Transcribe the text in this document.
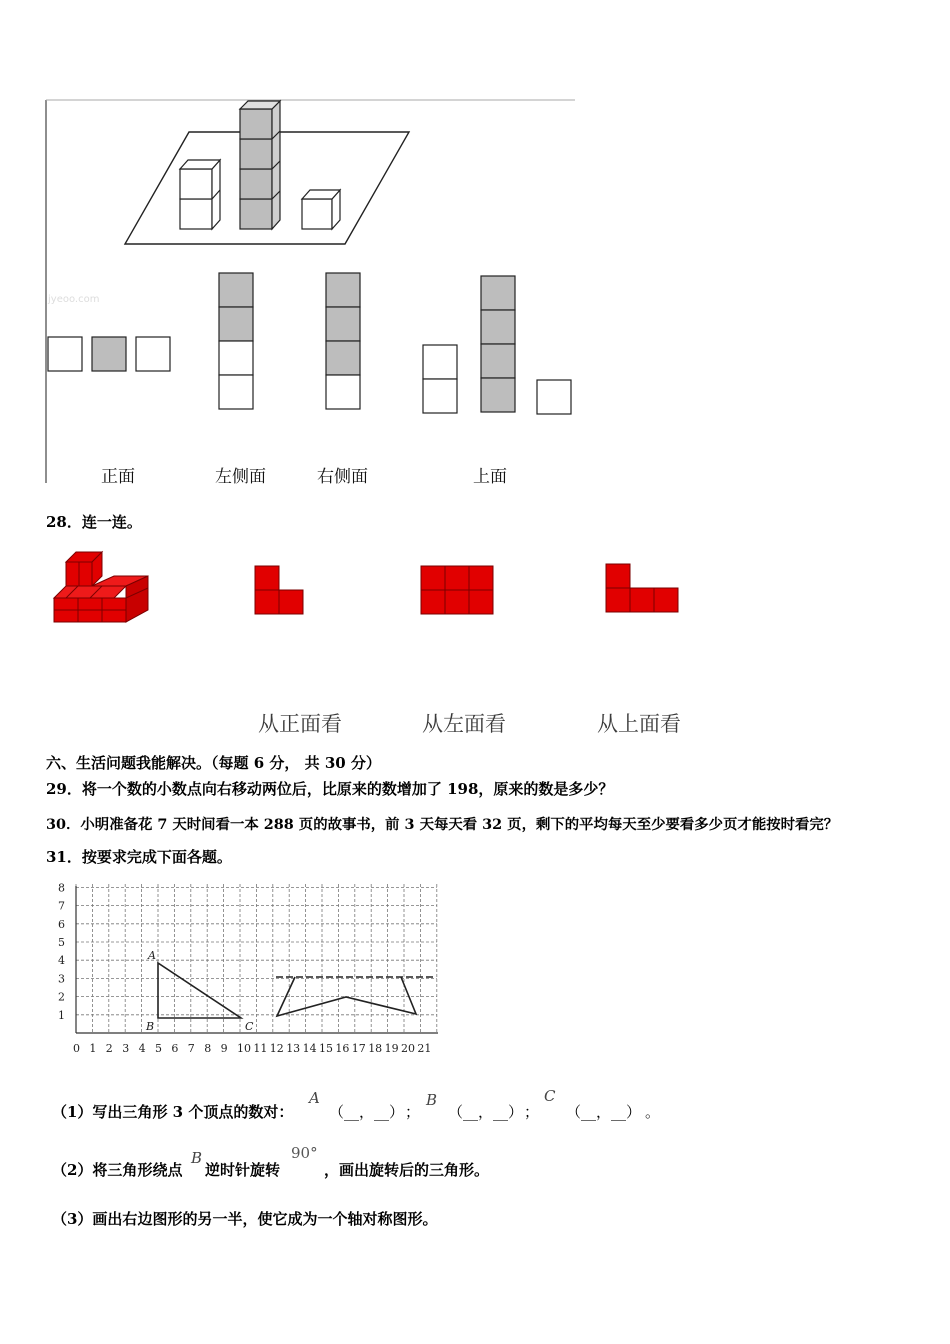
jyeoo.com
正面	左侧面	右侧面	上面
28．连一连。
从正面看	从左面看	从上面看
六、生活问题我能解决。（每题 6 分， 共 30 分）
29．将一个数的小数点向右移动两位后，比原来的数增加了 198，原来的数是多少？
30．小明准备花 7 天时间看一本 288 页的故事书，前 3 天每天看 32 页，剩下的平均每天至少要看多少页才能按时看完？
31．按要求完成下面各题。
8
7
6
5
4
3
2
1
0 1 2 3 4 5 6 7 8 9 10 11 12 13 14 15 16 17 18 19 20 21
A
B	C
（1）写出三角形 3 个顶点的数对：
A
（__，__） ；
B
（__，__） ；
C
（__，__） 。
（2）将三角形绕点
B
逆时针旋转
90°
，画出旋转后的三角形。
（3）画出右边图形的另一半，使它成为一个轴对称图形。
